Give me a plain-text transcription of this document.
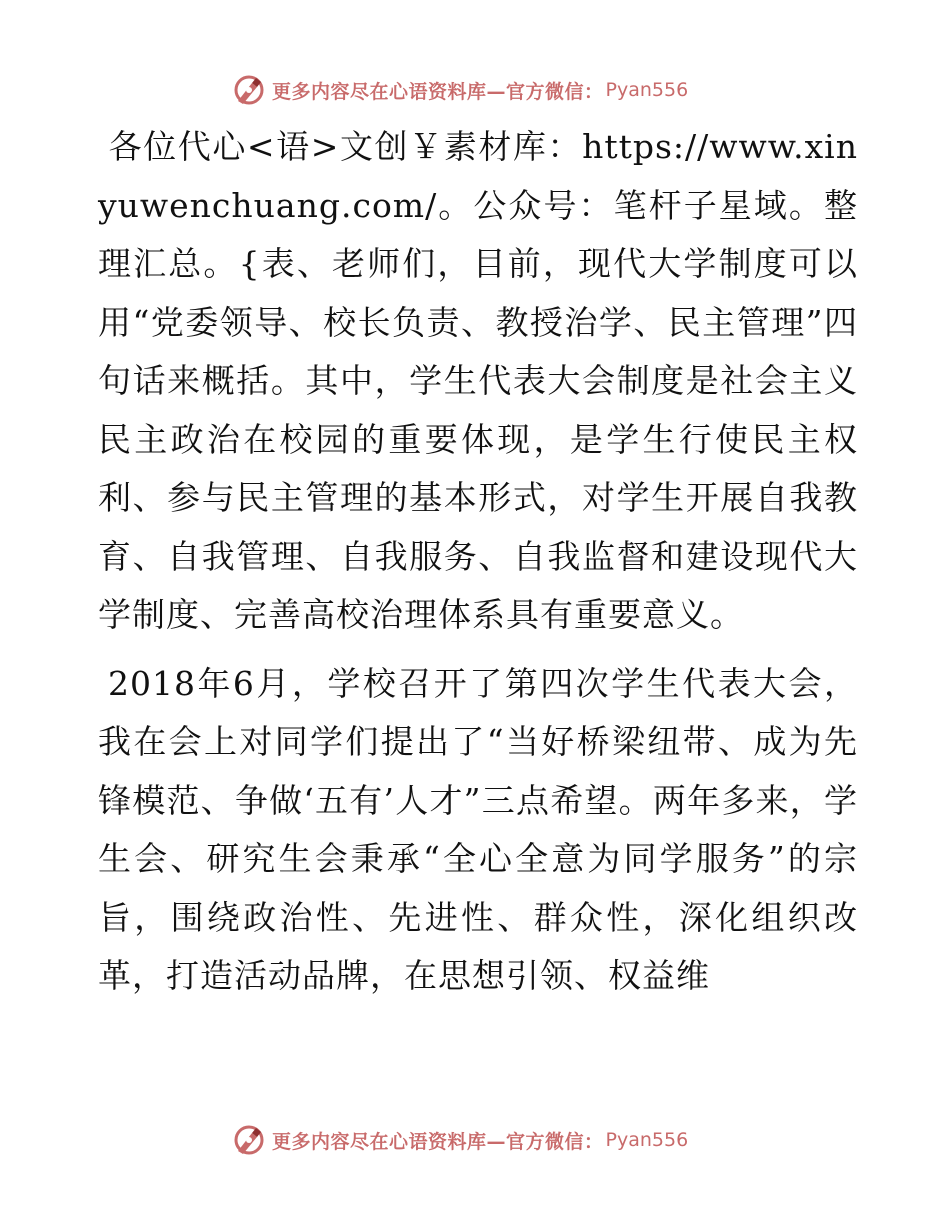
更多内容尽在心语资料库—官方微信： Pyan556

各位代心<语>文创￥素材库：https://www.xinyuwenchuang.com/。公众号：笔杆子星域。整理汇总。{表、老师们，目前，现代大学制度可以用“党委领导、校长负责、教授治学、民主管理”四句话来概括。其中，学生代表大会制度是社会主义民主政治在校园的重要体现，是学生行使民主权利、参与民主管理的基本形式，对学生开展自我教育、自我管理、自我服务、自我监督和建设现代大学制度、完善高校治理体系具有重要意义。

2018年6月，学校召开了第四次学生代表大会，我在会上对同学们提出了“当好桥梁纽带、成为先锋模范、争做‘五有’人才”三点希望。两年多来，学生会、研究生会秉承“全心全意为同学服务”的宗旨，围绕政治性、先进性、群众性，深化组织改革，打造活动品牌，在思想引领、权益维

更多内容尽在心语资料库—官方微信： Pyan556
